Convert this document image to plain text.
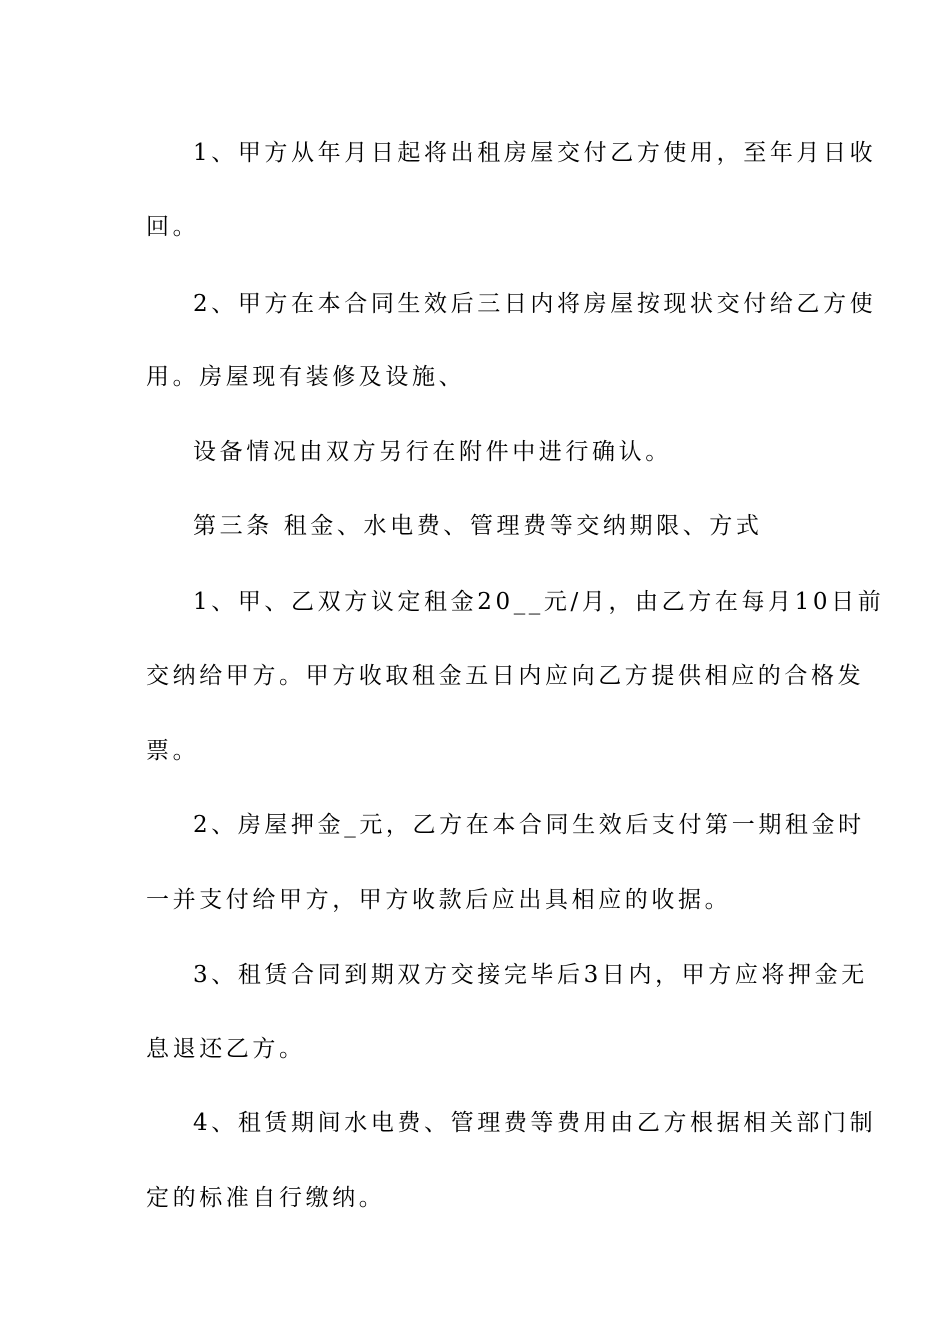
1、甲方从年月日起将出租房屋交付乙方使用，至年月日收
回。
2、甲方在本合同生效后三日内将房屋按现状交付给乙方使
用。房屋现有装修及设施、
设备情况由双方另行在附件中进行确认。
第三条 租金、水电费、管理费等交纳期限、方式
1、甲、乙双方议定租金20__元/月，由乙方在每月10日前
交纳给甲方。甲方收取租金五日内应向乙方提供相应的合格发
票。
2、房屋押金_元，乙方在本合同生效后支付第一期租金时
一并支付给甲方，甲方收款后应出具相应的收据。
3、租赁合同到期双方交接完毕后3日内，甲方应将押金无
息退还乙方。
4、租赁期间水电费、管理费等费用由乙方根据相关部门制
定的标准自行缴纳。
